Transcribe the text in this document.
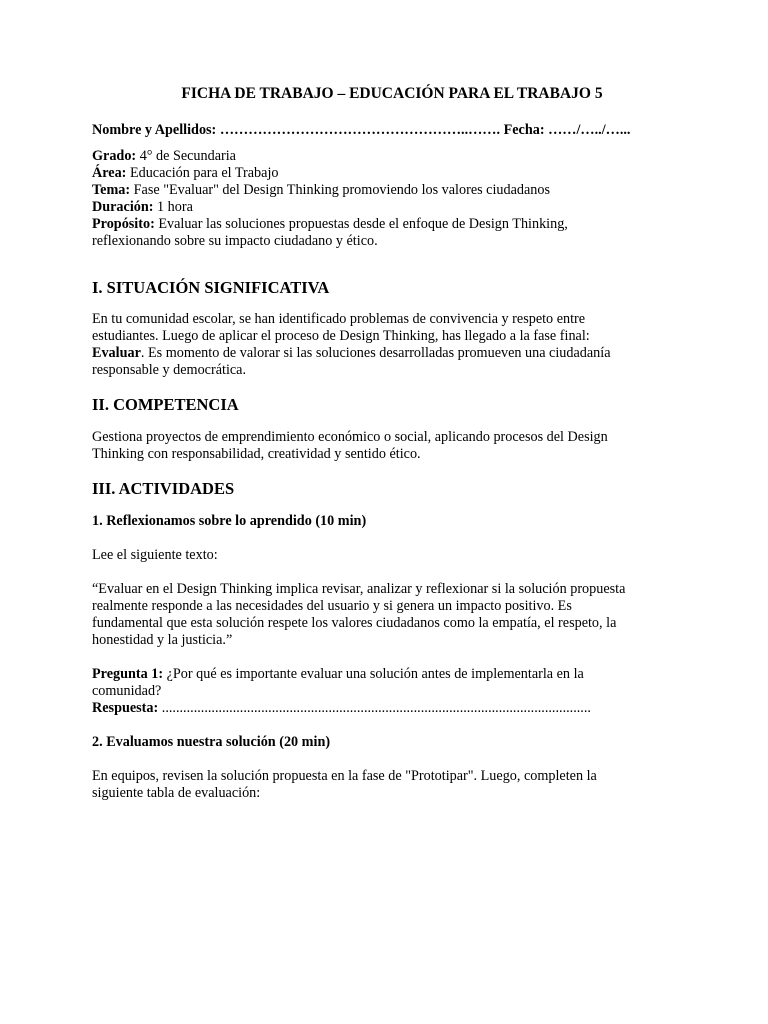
FICHA DE TRABAJO – EDUCACIÓN PARA EL TRABAJO 5

Nombre y Apellidos: ……………………………………………..……. Fecha: ……/…../…...

Grado: 4° de Secundaria

Área: Educación para el Trabajo

Tema: Fase "Evaluar" del Design Thinking promoviendo los valores ciudadanos

Duración: 1 hora

Propósito: Evaluar las soluciones propuestas desde el enfoque de Design Thinking,

reflexionando sobre su impacto ciudadano y ético.

I. SITUACIÓN SIGNIFICATIVA

En tu comunidad escolar, se han identificado problemas de convivencia y respeto entre

estudiantes. Luego de aplicar el proceso de Design Thinking, has llegado a la fase final:

Evaluar. Es momento de valorar si las soluciones desarrolladas promueven una ciudadanía

responsable y democrática.

II. COMPETENCIA

Gestiona proyectos de emprendimiento económico o social, aplicando procesos del Design

Thinking con responsabilidad, creatividad y sentido ético.

III. ACTIVIDADES
1. Reflexionamos sobre lo aprendido (10 min)

Lee el siguiente texto:

“Evaluar en el Design Thinking implica revisar, analizar y reflexionar si la solución propuesta

realmente responde a las necesidades del usuario y si genera un impacto positivo. Es

fundamental que esta solución respete los valores ciudadanos como la empatía, el respeto, la

honestidad y la justicia.”

Pregunta 1: ¿Por qué es importante evaluar una solución antes de implementarla en la

comunidad?

Respuesta: .........................................................................................................................

2. Evaluamos nuestra solución (20 min)

En equipos, revisen la solución propuesta en la fase de "Prototipar". Luego, completen la

siguiente tabla de evaluación:
